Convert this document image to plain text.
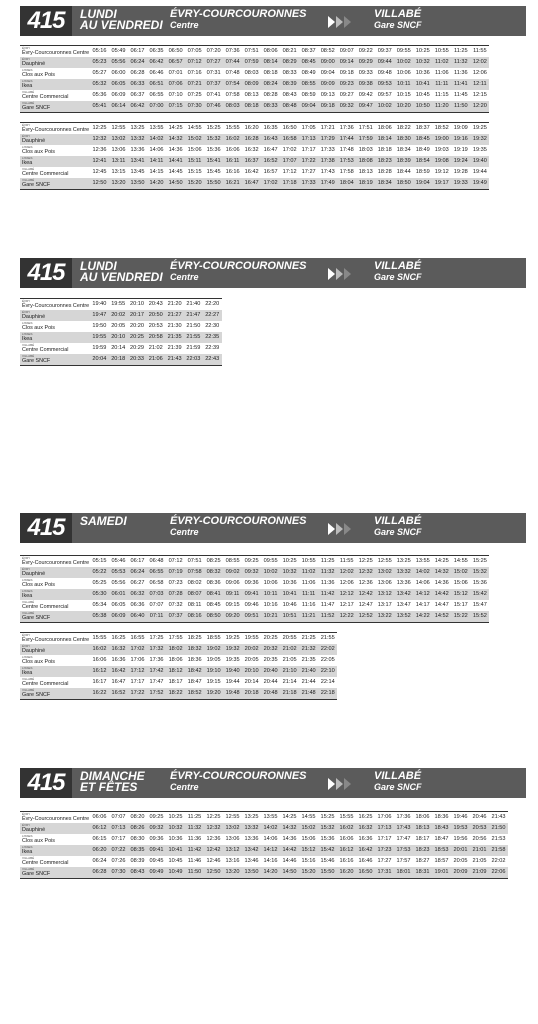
415	LUNDI
AU VENDREDI
ÉVRY-COURCOURONNES
Centre
VILLABÉ
Gare SNCF
ÉVRY
Évry-Courcouronnes Centre	05:16	05:49	06:17	06:35	06:50	07:05	07:20	07:36	07:51	08:06	08:21	08:37	08:52	09:07	09:22	09:37	09:55	10:25	10:55	11:25	11:55

ÉVRY
Dauphiné	05:23	05:56	06:24	06:42	06:57	07:12	07:27	07:44	07:59	08:14	08:29	08:45	09:00	09:14	09:29	09:44	10:02	10:32	11:02	11:32	12:02

LISSES
Clos aux Pois	05:27	06:00	06:28	06:46	07:01	07:16	07:31	07:48	08:03	08:18	08:33	08:49	09:04	09:18	09:33	09:48	10:06	10:36	11:06	11:36	12:06

LISSES
Ikea	05:32	06:05	06:33	06:51	07:06	07:21	07:37	07:54	08:09	08:24	08:39	08:55	09:09	09:23	09:38	09:53	10:11	10:41	11:11	11:41	12:11

VILLABÉ
Centre Commercial	05:36	06:09	06:37	06:55	07:10	07:25	07:41	07:58	08:13	08:28	08:43	08:59	09:13	09:27	09:42	09:57	10:15	10:45	11:15	11:45	12:15

VILLABÉ
Gare SNCF	05:41	06:14	06:42	07:00	07:15	07:30	07:46	08:03	08:18	08:33	08:48	09:04	09:18	09:32	09:47	10:02	10:20	10:50	11:20	11:50	12:20
ÉVRY
Évry-Courcouronnes Centre	12:25	12:55	13:25	13:55	14:25	14:55	15:25	15:55	16:20	16:35	16:50	17:05	17:21	17:36	17:51	18:06	18:22	18:37	18:52	19:09	19:25

ÉVRY
Dauphiné	12:32	13:02	13:32	14:02	14:32	15:02	15:32	16:02	16:28	16:43	16:58	17:13	17:29	17:44	17:59	18:14	18:30	18:45	19:00	19:16	19:32

LISSES
Clos aux Pois	12:36	13:06	13:36	14:06	14:36	15:06	15:36	16:06	16:32	16:47	17:02	17:17	17:33	17:48	18:03	18:18	18:34	18:49	19:03	19:19	19:35

LISSES
Ikea	12:41	13:11	13:41	14:11	14:41	15:11	15:41	16:11	16:37	16:52	17:07	17:22	17:38	17:53	18:08	18:23	18:39	18:54	19:08	19:24	19:40

VILLABÉ
Centre Commercial	12:45	13:15	13:45	14:15	14:45	15:15	15:45	16:16	16:42	16:57	17:12	17:27	17:43	17:58	18:13	18:28	18:44	18:59	19:12	19:28	19:44

VILLABÉ
Gare SNCF	12:50	13:20	13:50	14:20	14:50	15:20	15:50	16:21	16:47	17:02	17:18	17:33	17:49	18:04	18:19	18:34	18:50	19:04	19:17	19:33	19:49
415	LUNDI
AU VENDREDI
ÉVRY-COURCOURONNES
Centre
VILLABÉ
Gare SNCF
ÉVRY
Évry-Courcouronnes Centre	19:40	19:55	20:10	20:43	21:20	21:40	22:20

ÉVRY
Dauphiné	19:47	20:02	20:17	20:50	21:27	21:47	22:27

LISSES
Clos aux Pois	19:50	20:05	20:20	20:53	21:30	21:50	22:30

LISSES
Ikea	19:55	20:10	20:25	20:58	21:35	21:55	22:35

VILLABÉ
Centre Commercial	19:59	20:14	20:29	21:02	21:39	21:59	22:39

VILLABÉ
Gare SNCF	20:04	20:18	20:33	21:06	21:43	22:03	22:43
415	SAMEDI	ÉVRY-COURCOURONNES
Centre
VILLABÉ
Gare SNCF
ÉVRY
Évry-Courcouronnes Centre	05:15	05:46	06:17	06:48	07:12	07:51	08:25	08:55	09:25	09:55	10:25	10:55	11:25	11:55	12:25	12:55	13:25	13:55	14:25	14:55	15:25

ÉVRY
Dauphiné	05:22	05:53	06:24	06:55	07:19	07:58	08:32	09:02	09:32	10:02	10:32	11:02	11:32	12:02	12:32	13:02	13:32	14:02	14:32	15:02	15:32

LISSES
Clos aux Pois	05:25	05:56	06:27	06:58	07:23	08:02	08:36	09:06	09:36	10:06	10:36	11:06	11:36	12:06	12:36	13:06	13:36	14:06	14:36	15:06	15:36

LISSES
Ikea	05:30	06:01	06:32	07:03	07:28	08:07	08:41	09:11	09:41	10:11	10:41	11:11	11:42	12:12	12:42	13:12	13:42	14:12	14:42	15:12	15:42

VILLABÉ
Centre Commercial	05:34	06:05	06:36	07:07	07:32	08:11	08:45	09:15	09:46	10:16	10:46	11:16	11:47	12:17	12:47	13:17	13:47	14:17	14:47	15:17	15:47

VILLABÉ
Gare SNCF	05:38	06:09	06:40	07:11	07:37	08:16	08:50	09:20	09:51	10:21	10:51	11:21	11:52	12:22	12:52	13:22	13:52	14:22	14:52	15:22	15:52
ÉVRY
Évry-Courcouronnes Centre	15:55	16:25	16:55	17:25	17:55	18:25	18:55	19:25	19:55	20:25	20:55	21:25	21:55

ÉVRY
Dauphiné	16:02	16:32	17:02	17:32	18:02	18:32	19:02	19:32	20:02	20:32	21:02	21:32	22:02

LISSES
Clos aux Pois	16:06	16:36	17:06	17:36	18:06	18:36	19:05	19:35	20:05	20:35	21:05	21:35	22:05

LISSES
Ikea	16:12	16:42	17:12	17:42	18:12	18:42	19:10	19:40	20:10	20:40	21:10	21:40	22:10

VILLABÉ
Centre Commercial	16:17	16:47	17:17	17:47	18:17	18:47	19:15	19:44	20:14	20:44	21:14	21:44	22:14

VILLABÉ
Gare SNCF	16:22	16:52	17:22	17:52	18:22	18:52	19:20	19:48	20:18	20:48	21:18	21:48	22:18
415	DIMANCHE
ET FÊTES
ÉVRY-COURCOURONNES
Centre
VILLABÉ
Gare SNCF
ÉVRY
Évry-Courcouronnes Centre	06:06	07:07	08:20	09:25	10:25	11:25	12:25	12:55	13:25	13:55	14:25	14:55	15:25	15:55	16:25	17:06	17:36	18:06	18:36	19:46	20:46	21:43

ÉVRY
Dauphiné	06:12	07:13	08:26	09:32	10:32	11:32	12:32	13:02	13:32	14:02	14:32	15:02	15:32	16:02	16:32	17:13	17:43	18:13	18:43	19:53	20:53	21:50

LISSES
Clos aux Pois	06:15	07:17	08:30	09:36	10:36	11:36	12:36	13:06	13:36	14:06	14:36	15:06	15:36	16:06	16:36	17:17	17:47	18:17	18:47	19:56	20:56	21:53

LISSES
Ikea	06:20	07:22	08:35	09:41	10:41	11:42	12:42	13:12	13:42	14:12	14:42	15:12	15:42	16:12	16:42	17:23	17:53	18:23	18:53	20:01	21:01	21:58

VILLABÉ
Centre Commercial	06:24	07:26	08:39	09:45	10:45	11:46	12:46	13:16	13:46	14:16	14:46	15:16	15:46	16:16	16:46	17:27	17:57	18:27	18:57	20:05	21:05	22:02

VILLABÉ
Gare SNCF	06:28	07:30	08:43	09:49	10:49	11:50	12:50	13:20	13:50	14:20	14:50	15:20	15:50	16:20	16:50	17:31	18:01	18:31	19:01	20:09	21:09	22:06
